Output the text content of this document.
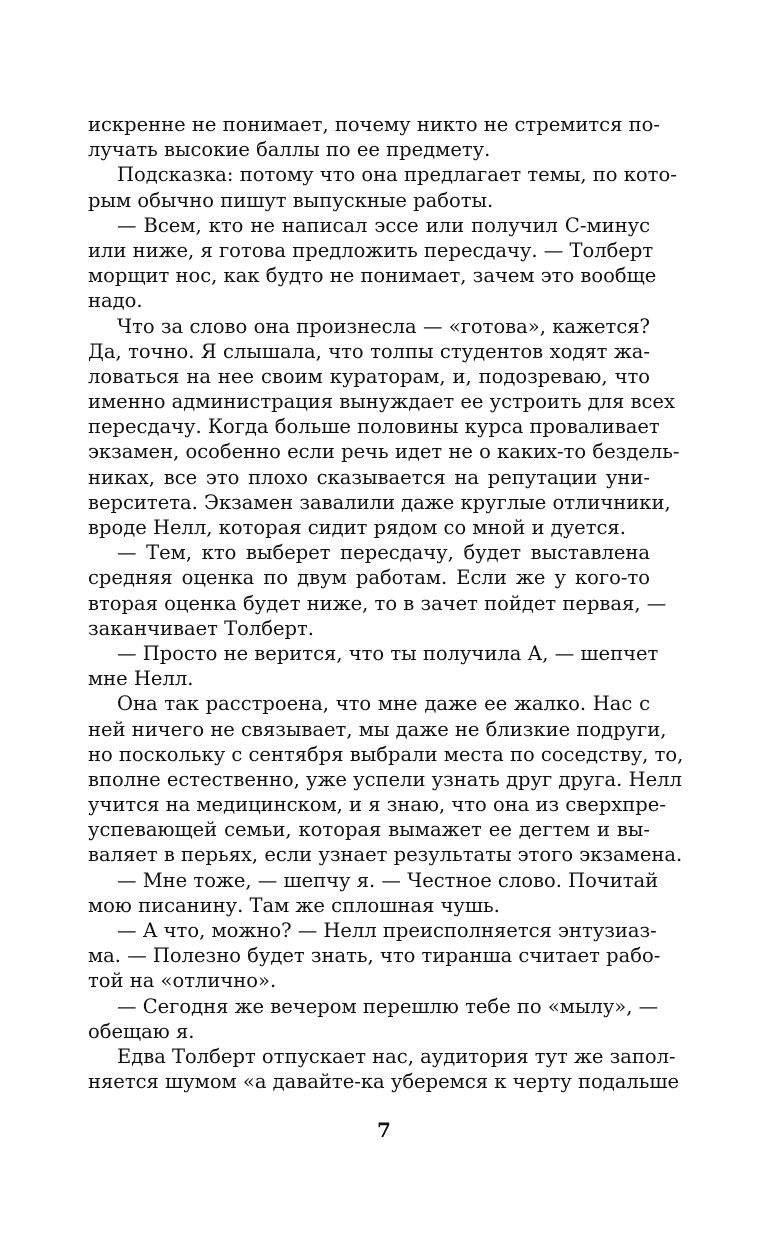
искренне не понимает, почему никто не стремится по-
лучать высокие баллы по ее предмету.
Подсказка: потому что она предлагает темы, по кото-
рым обычно пишут выпускные работы.
— Всем, кто не написал эссе или получил С-минус
или ниже, я готова предложить пересдачу. — Толберт
морщит нос, как будто не понимает, зачем это вообще
надо.
Что за слово она произнесла — «готова», кажется?
Да, точно. Я слышала, что толпы студентов ходят жа-
ловаться на нее своим кураторам, и, подозреваю, что
именно администрация вынуждает ее устроить для всех
пересдачу. Когда больше половины курса проваливает
экзамен, особенно если речь идет не о каких-то бездель-
никах, все это плохо сказывается на репутации уни-
верситета. Экзамен завалили даже круглые отличники,
вроде Нелл, которая сидит рядом со мной и дуется.
— Тем, кто выберет пересдачу, будет выставлена
средняя оценка по двум работам. Если же у кого-то
вторая оценка будет ниже, то в зачет пойдет первая, —
заканчивает Толберт.
— Просто не верится, что ты получила А, — шепчет
мне Нелл.
Она так расстроена, что мне даже ее жалко. Нас с
ней ничего не связывает, мы даже не близкие подруги,
но поскольку с сентября выбрали места по соседству, то,
вполне естественно, уже успели узнать друг друга. Нелл
учится на медицинском, и я знаю, что она из сверхпре-
успевающей семьи, которая вымажет ее дегтем и вы-
валяет в перьях, если узнает результаты этого экзамена.
— Мне тоже, — шепчу я. — Честное слово. Почитай
мою писанину. Там же сплошная чушь.
— А что, можно? — Нелл преисполняется энтузиаз-
ма. — Полезно будет знать, что тиранша считает рабо-
той на «отлично».
— Сегодня же вечером перешлю тебе по «мылу», —
обещаю я.
Едва Толберт отпускает нас, аудитория тут же запол-
няется шумом «а давайте-ка уберемся к черту подальше
7
